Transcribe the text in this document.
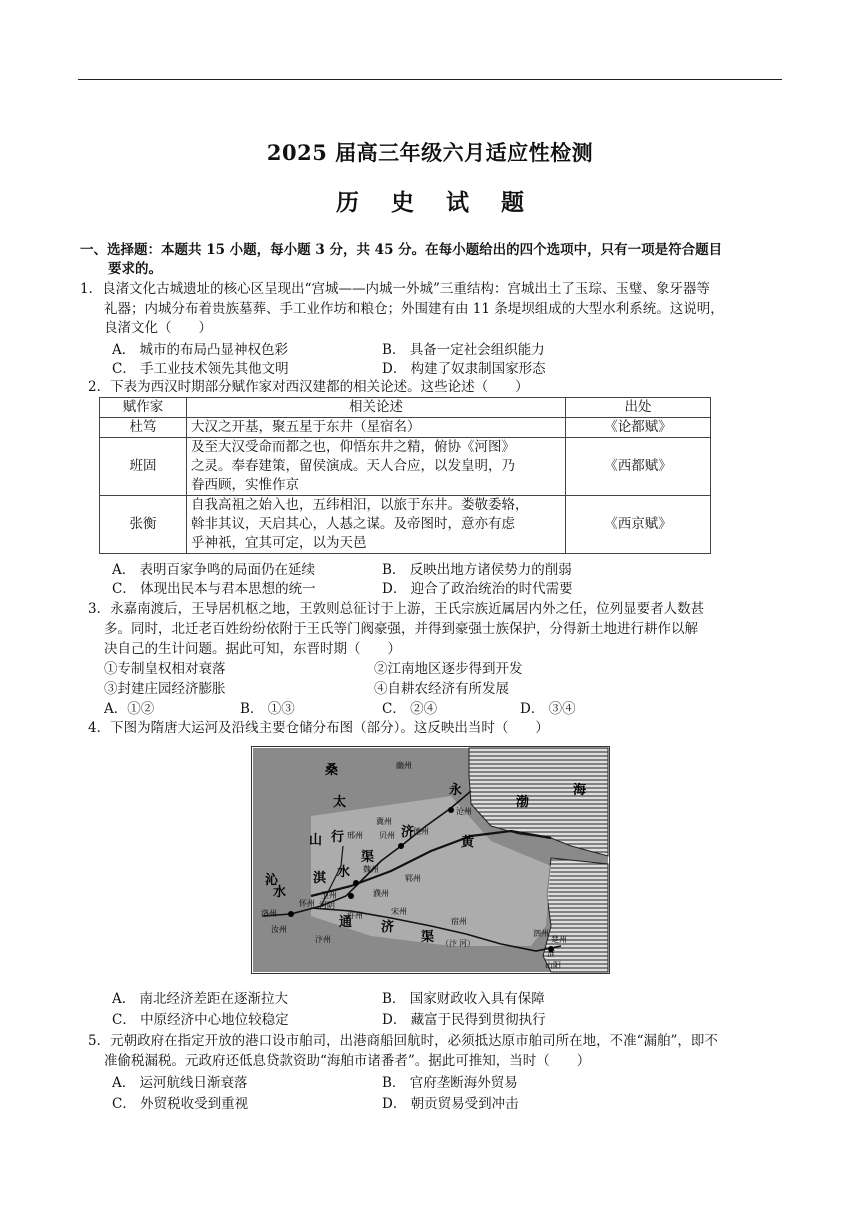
2025 届高三年级六月适应性检测
历 史 试 题
一、选择题：本题共 15 小题，每小题 3 分，共 45 分。在每小题给出的四个选项中，只有一项是符合题目
要求的。
1．良渚文化古城遗址的核心区呈现出“宫城——内城一外城”三重结构：宫城出土了玉琮、玉璧、象牙器等
礼器；内城分布着贵族墓葬、手工业作坊和粮仓；外围建有由 11 条堤坝组成的大型水利系统。这说明，
良渚文化（　　）
A． 城市的布局凸显神权色彩	B． 具备一定社会组织能力
C． 手工业技术领先其他文明	D． 构建了奴隶制国家形态
2．下表为西汉时期部分赋作家对西汉建都的相关论述。这些论述（　　）
赋作家	相关论述	出处
杜笃	大汉之开基，聚五星于东井（星宿名）	《论都赋》
班固	及至大汉受命而都之也，仰悟东井之精，俯协《河图》
之灵。奉春建策，留侯演成。天人合应，以发皇明，乃
眷西顾，实惟作京	《西都赋》
张衡	自我高祖之始入也，五纬相汨，以旅于东井。娄敬委辂，
斡非其议，天启其心，人惎之谋。及帝图时，意亦有虑
乎神祇，宜其可定，以为天邑	《西京赋》
A． 表明百家争鸣的局面仍在延续	B． 反映出地方诸侯势力的削弱
C． 体现出民本与君本思想的统一	D． 迎合了政治统治的时代需要
3．永嘉南渡后，王导居机枢之地，王敦则总征讨于上游，王氏宗族近属居内外之任，位列显要者人数甚
多。同时，北迁老百姓纷纷依附于王氏等门阀豪强，并得到豪强士族保护，分得新土地进行耕作以解
决自己的生计问题。据此可知，东晋时期（　　）
①专制皇权相对衰落	②江南地区逐步得到开发
③封建庄园经济膨胀	④自耕农经济有所发展
A．①②	B． ①③	C． ②④	D． ③④
4．下图为隋唐大运河及沿线主要仓储分布图（部分）。这反映出当时（　　）
渤
海
太
行
山
永
济
黄
淇 水
渠
通
桑
沁
渠
济
水
幽州
沧州
冀州
贝州 德州
邢州
魏州
濮州
郓州
卫州
怀州 河阴
许州	宋州
汴州
宿州
泗州
楚州
洛州
汝州
淮
山阳
（汴 河）
A． 南北经济差距在逐渐拉大	B． 国家财政收入具有保障
C． 中原经济中心地位较稳定	D． 藏富于民得到贯彻执行
5．元朝政府在指定开放的港口设市舶司，出港商船回航时，必须抵达原市舶司所在地，不准“漏舶”，即不
准偷税漏税。元政府还低息贷款资助“海舶市诸番者”。据此可推知，当时（　　）
A． 运河航线日渐衰落	B． 官府垄断海外贸易
C． 外贸税收受到重视	D． 朝贡贸易受到冲击
